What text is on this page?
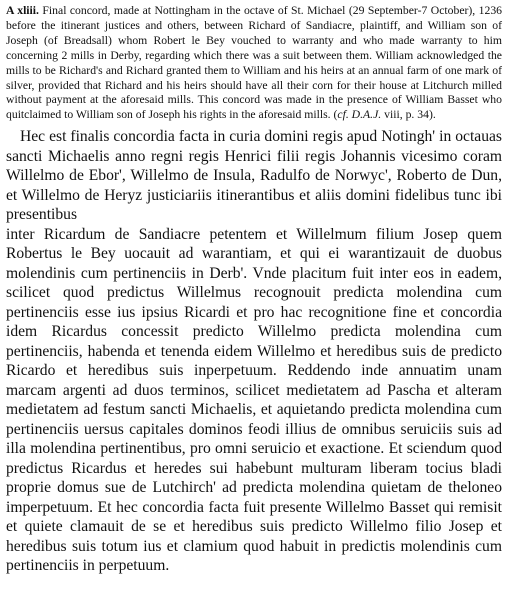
A xliii. Final concord, made at Nottingham in the octave of St. Michael (29 September-7 October), 1236 before the itinerant justices and others, between Richard of Sandiacre, plaintiff, and William son of Joseph (of Breadsall) whom Robert le Bey vouched to warranty and who made warranty to him concerning 2 mills in Derby, regarding which there was a suit between them. William acknowledged the mills to be Richard's and Richard granted them to William and his heirs at an annual farm of one mark of silver, provided that Richard and his heirs should have all their corn for their house at Litchurch milled without payment at the aforesaid mills. This concord was made in the presence of William Basset who quitclaimed to William son of Joseph his rights in the aforesaid mills. (cf. D.A.J. viii, p. 34).

Hec est finalis concordia facta in curia domini regis apud Notingh' in octauas sancti Michaelis anno regni regis Henrici filii regis Johannis vicesimo coram Willelmo de Ebor', Willelmo de Insula, Radulfo de Norwyc', Roberto de Dun, et Willelmo de Heryz justiciariis itinerantibus et aliis domini fidelibus tunc ibi presentibus
inter Ricardum de Sandiacre petentem et Willelmum filium Josep quem Robertus le Bey uocauit ad warantiam, et qui ei warantizauit de duobus molendinis cum pertinenciis in Derb'. Vnde placitum fuit inter eos in eadem, scilicet quod predictus Willelmus recognouit predicta molendina cum pertinenciis esse ius ipsius Ricardi et pro hac recognitione fine et concordia idem Ricardus concessit predicto Willelmo predicta molendina cum pertinenciis, habenda et tenenda eidem Willelmo et heredibus suis de predicto Ricardo et heredibus suis inperpetuum. Reddendo inde annuatim unam marcam argenti ad duos terminos, scilicet medietatem ad Pascha et alteram medietatem ad festum sancti Michaelis, et aquietando predicta molendina cum pertinenciis uersus capitales dominos feodi illius de omnibus seruiciis suis ad illa molendina pertinentibus, pro omni seruicio et exactione. Et sciendum quod predictus Ricardus et heredes sui habebunt multuram liberam tocius bladi proprie domus sue de Lutchirch' ad predicta molendina quietam de theloneo imperpetuum. Et hec concordia facta fuit presente Willelmo Basset qui remisit et quiete clamauit de se et heredibus suis predicto Willelmo filio Josep et heredibus suis totum ius et clamium quod habuit in predictis molendinis cum pertinenciis in perpetuum.
